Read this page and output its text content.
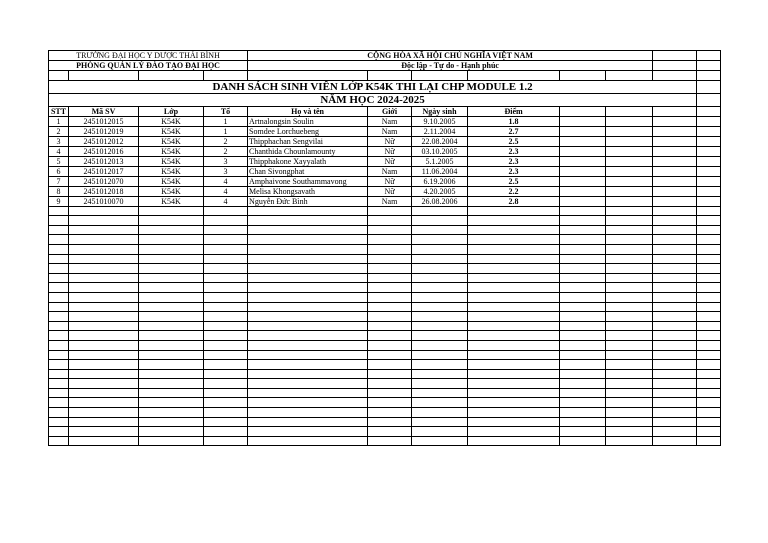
TRƯỜNG ĐẠI HỌC Y DƯỢC THÁI BÌNH				CỘNG HÒA XÃ HỘI CHỦ NGHĨA VIỆT NAM							
PHÒNG QUẢN LÝ ĐÀO TẠO ĐẠI HỌC				Độc lập - Tự do - Hạnh phúc							

DANH SÁCH SINH VIÊN LỚP K54K THI LẠI CHP MODULE 1.2											
NĂM HỌC 2024-2025											
STT	Mã SV	Lớp	Tổ	Họ và tên	Giới	Ngày sinh	Điểm				
1	2451012015	K54K	1	Artnalongsin Soulin	Nam	9.10.2005	1.8				
2	2451012019	K54K	1	Somdee Lorchuebeng	Nam	2.11.2004	2.7				
3	2451012012	K54K	2	Thipphachan Sengvilai	Nữ	22.08.2004	2.5				
4	2451012016	K54K	2	Chanthida Chounlamounty	Nữ	03.10.2005	2.3				
5	2451012013	K54K	3	Thipphakone Xayyalath	Nữ	5.1.2005	2.3				
6	2451012017	K54K	3	Chan Sivongphat	Nam	11.06.2004	2.3				
7	2451012070	K54K	4	Amphaivone Southammavong	Nữ	6.19.2006	2.5				
8	2451012018	K54K	4	Melisa Khongsavath	Nữ	4.20.2005	2.2				
9	2451010070	K54K	4	Nguyễn Đức Bình	Nam	26.08.2006	2.8				
